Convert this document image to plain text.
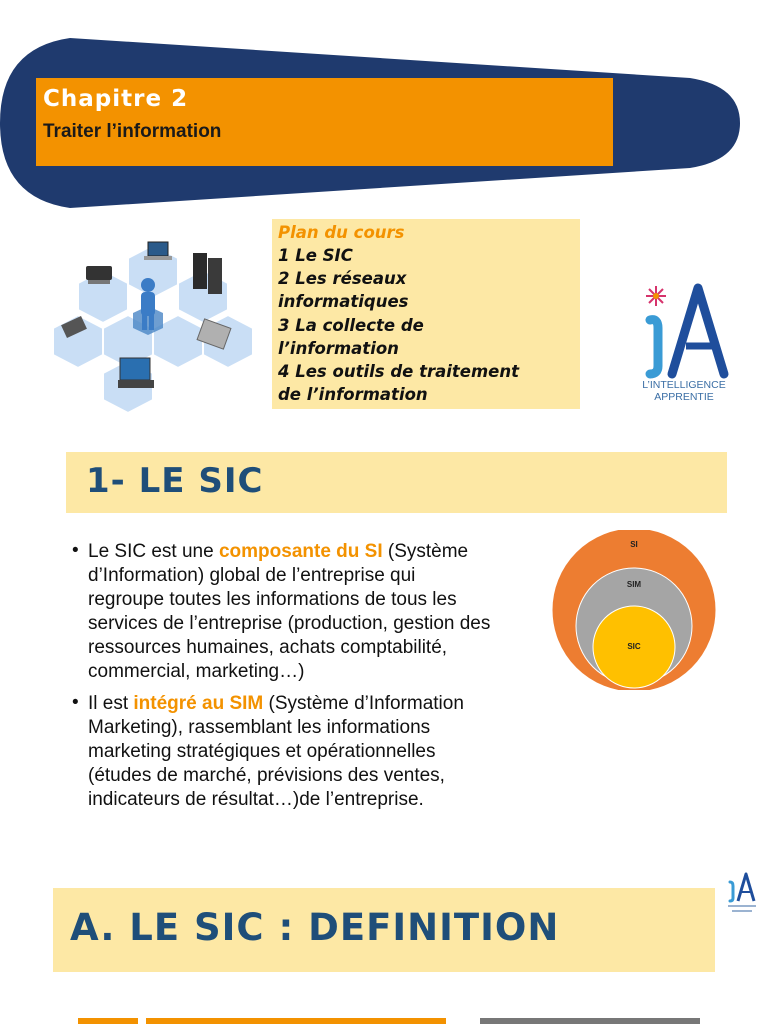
Chapitre 2
Traiter l’information
Plan du cours
1 Le SIC
2 Les réseaux
informatiques
3 La collecte de
l’information
4 Les outils de traitement
de l’information	L’INTELLIGENCE
APPRENTIE
1- LE SIC
• Le SIC est une composante du SI (Système
d’Information) global de l’entreprise qui
regroupe toutes les informations de tous les
services de l’entreprise (production, gestion des
ressources humaines, achats comptabilité,
commercial, marketing…)
• Il est intégré au SIM (Système d’Information
Marketing), rassemblant les informations
marketing stratégiques et opérationnelles
(études de marché, prévisions des ventes,
indicateurs de résultat…)de l’entreprise.
SI
SIM
SIC
A. LE SIC : DEFINITION
